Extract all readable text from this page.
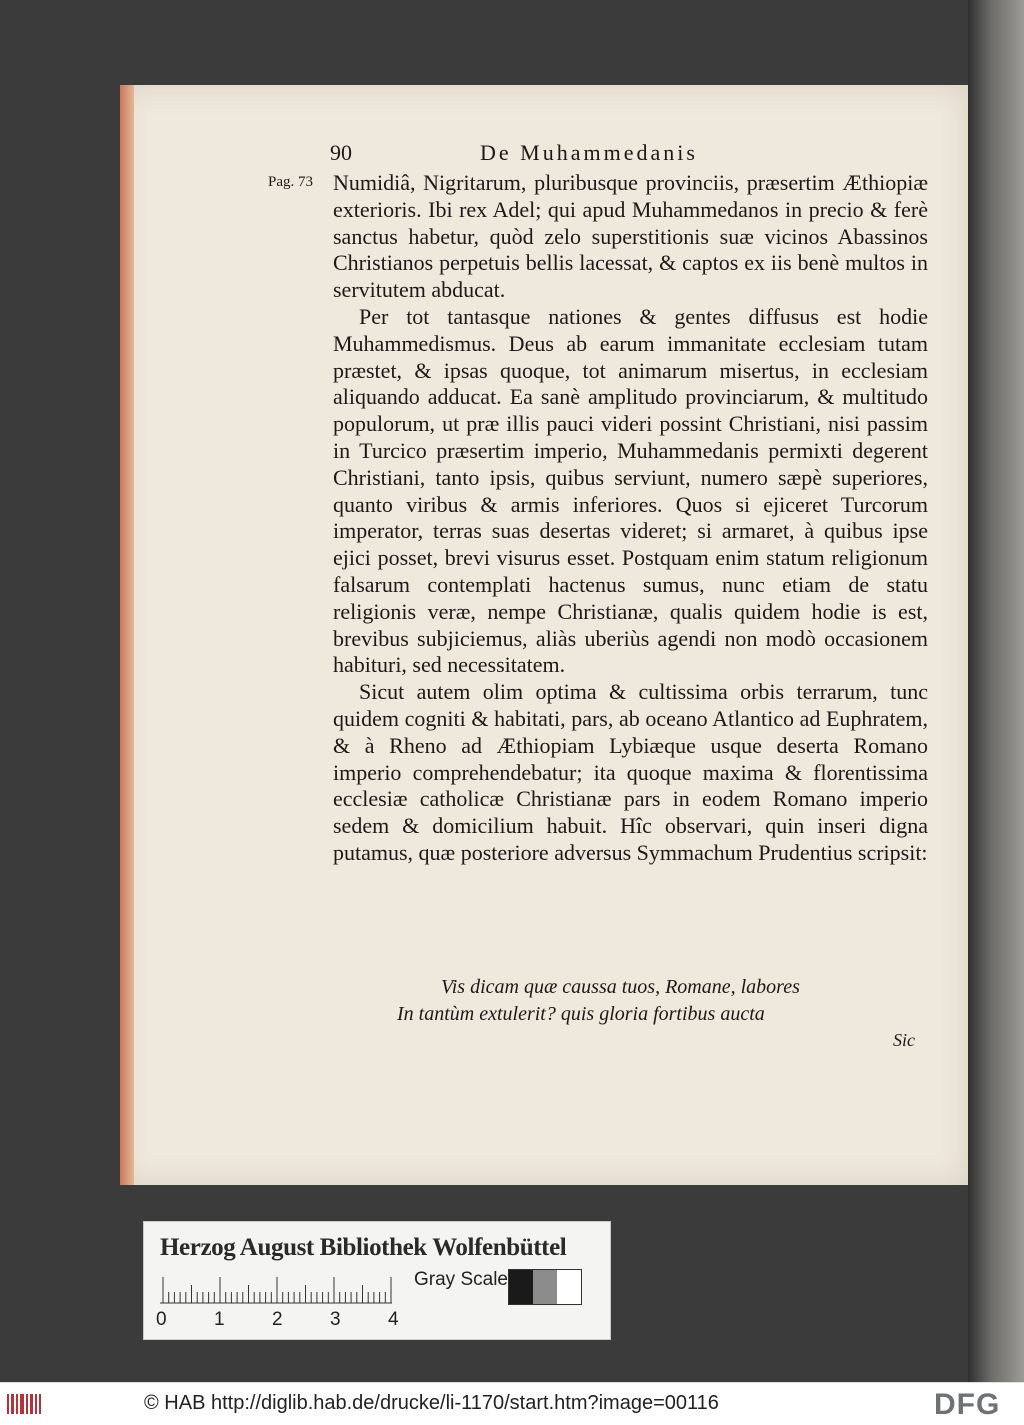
90	De Muhammedanis
Pag. 73 Numidiâ, Nigritarum, pluribusque provinciis, præsertim Æthiopiæ exterioris. Ibi rex Adel; qui apud Muhammedanos in precio & ferè sanctus habetur, quòd zelo superstitionis suæ vicinos Abassinos Christianos perpetuis bellis lacessat, & captos ex iis benè multos in servitutem abducat.

Per tot tantasque nationes & gentes diffusus est hodie Muhammedismus. Deus ab earum immanitate ecclesiam tutam præstet, & ipsas quoque, tot animarum misertus, in ecclesiam aliquando adducat. Ea sanè amplitudo provinciarum, & multitudo populorum, ut præ illis pauci videri possint Christiani, nisi passim in Turcico præsertim imperio, Muhammedanis permixti degerent Christiani, tanto ipsis, quibus serviunt, numero sæpè superiores, quanto viribus & armis inferiores. Quos si ejiceret Turcorum imperator, terras suas desertas videret; si armaret, à quibus ipse ejici posset, brevi visurus esset. Postquam enim statum religionum falsarum contemplati hactenus sumus, nunc etiam de statu religionis veræ, nempe Christianæ, qualis quidem hodie is est, brevibus subjiciemus, aliàs uberiùs agendi non modò occasionem habituri, sed necessitatem.

Sicut autem olim optima & cultissima orbis terrarum, tunc quidem cogniti & habitati, pars, ab oceano Atlantico ad Euphratem, & à Rheno ad Æthiopiam Lybiæque usque deserta Romano imperio comprehendebatur; ita quoque maxima & florentissima ecclesiæ catholicæ Christianæ pars in eodem Romano imperio sedem & domicilium habuit. Hîc observari, quin inseri digna putamus, quæ posteriore adversus Symmachum Prudentius scripsit:

Vis dicam quæ caussa tuos, Romane, labores
In tantùm extulerit? quis gloria fortibus aucta
Sic
Herzog August Bibliothek Wolfenbüttel
0 1 2 3 4
Gray Scale
© HAB http://diglib.hab.de/drucke/li-1170/start.htm?image=00116	DFG
